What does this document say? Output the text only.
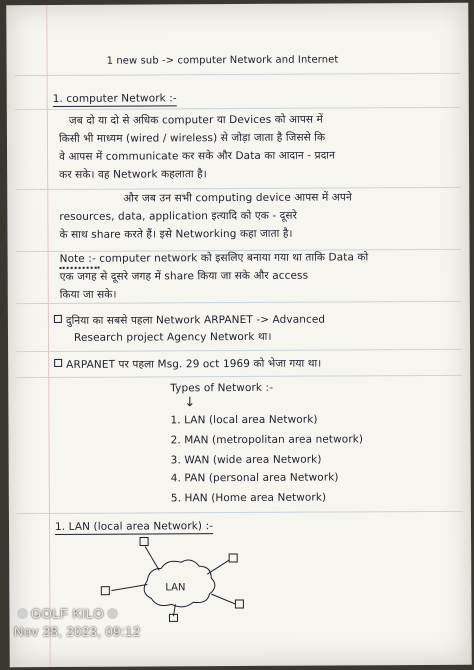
1 new sub -> computer Network and Internet
1. computer Network :-
जब दो या दो से अधिक computer या Devices को आपस में
किसी भी माध्यम (wired / wireless) से जोड़ा जाता है जिससे कि
वे आपस में communicate कर सके और Data का आदान - प्रदान
कर सके। वह Network कहलाता है।
और जब उन सभी computing device आपस में अपने
resources, data, application इत्यादि को एक - दूसरे
के साथ share करते हैं। इसे Networking कहा जाता है।
Note :- computer network को इसलिए बनाया गया था ताकि Data को
एक जगह से दूसरे जगह में share किया जा सके और access
किया जा सके।
दुनिया का सबसे पहला Network ARPANET -> Advanced
Research project Agency Network था।
ARPANET पर पहला Msg. 29 oct 1969 को भेजा गया था।
Types of Network :-
↓
1. LAN (local area Network)
2. MAN (metropolitan area network)
3. WAN (wide area Network)
4. PAN (personal area Network)
5. HAN (Home area Network)
1. LAN (local area Network) :-
LAN
GOLF KILO
Nov 28, 2023, 09:12
